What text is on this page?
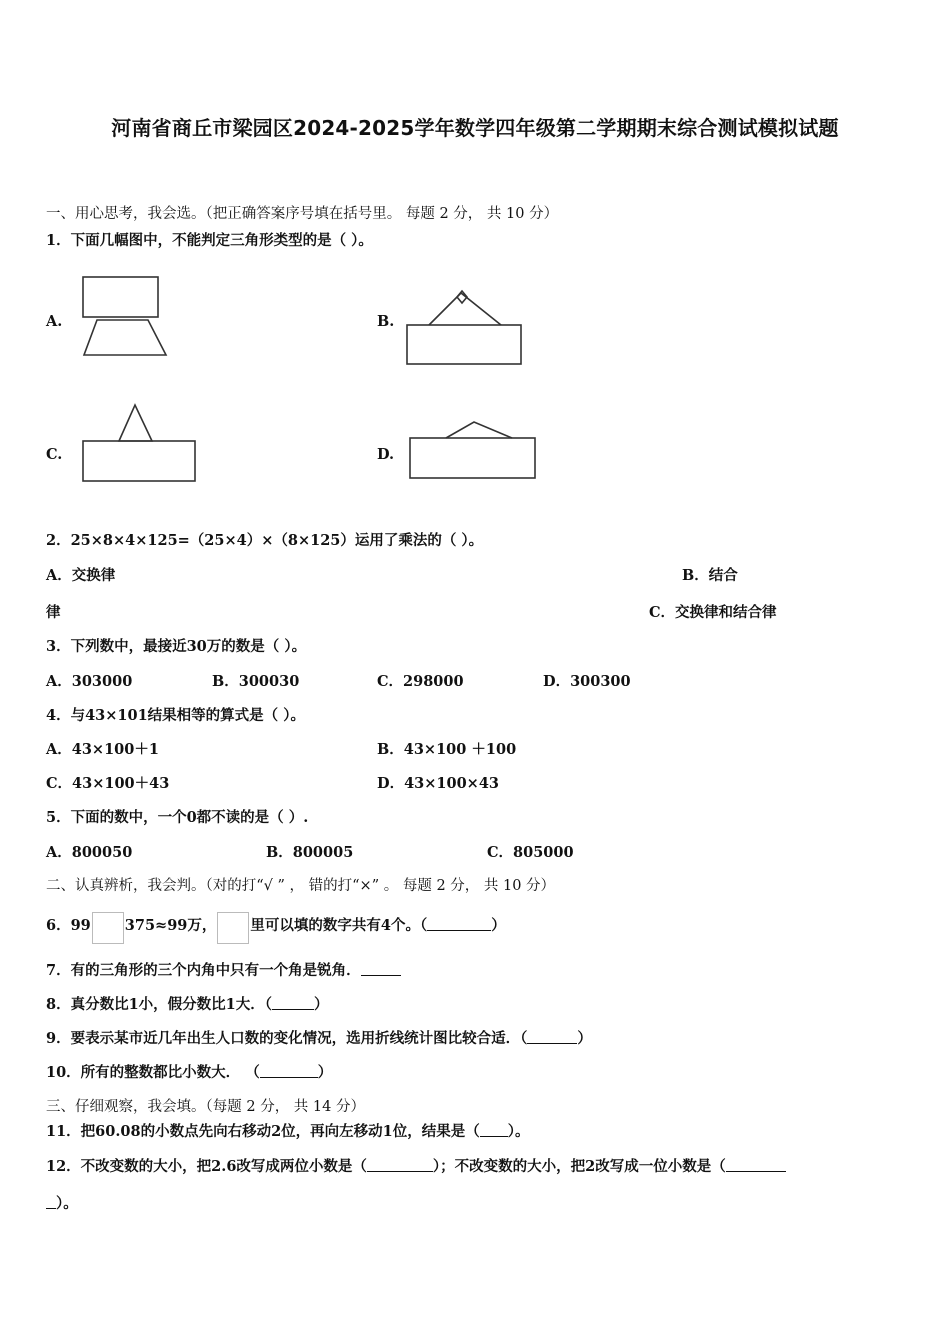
河南省商丘市梁园区2024-2025学年数学四年级第二学期期末综合测试模拟试题
一、用心思考，我会选。（把正确答案序号填在括号里。 每题 2 分， 共 10 分）
1．下面几幅图中，不能判定三角形类型的是（ ）。
A.	B.
C.	D.
2．25×8×4×125=（25×4）×（8×125）运用了乘法的（ ）。
A．交换律	B．结合
律	C．交换律和结合律
3．下列数中，最接近30万的数是（ ）。
A．303000	B．300030	C．298000	D．300300
4．与43×101结果相等的算式是（ ）。
A．43×100＋1	B．43×100 ＋100
C．43×100＋43	D．43×100×43
5．下面的数中，一个0都不读的是（ ）.
A．800050	B．800005	C．805000
二、认真辨析，我会判。（对的打“√ ” ， 错的打“×” 。 每题 2 分， 共 10 分）
6．99 375≈99万， 里可以填的数字共有4个。（	）
7．有的三角形的三个内角中只有一个角是锐角．
8．真分数比1小，假分数比1大．（	）
9．要表示某市近几年出生人口数的变化情况，选用折线统计图比较合适．（	）
10．所有的整数都比小数大． （	）
三、仔细观察，我会填。（每题 2 分， 共 14 分）
11．把60.08的小数点先向右移动2位，再向左移动1位，结果是（ ）。
12．不改变数的大小，把2.6改写成两位小数是（	）；不改变数的大小，把2改写成一位小数是（
）。
